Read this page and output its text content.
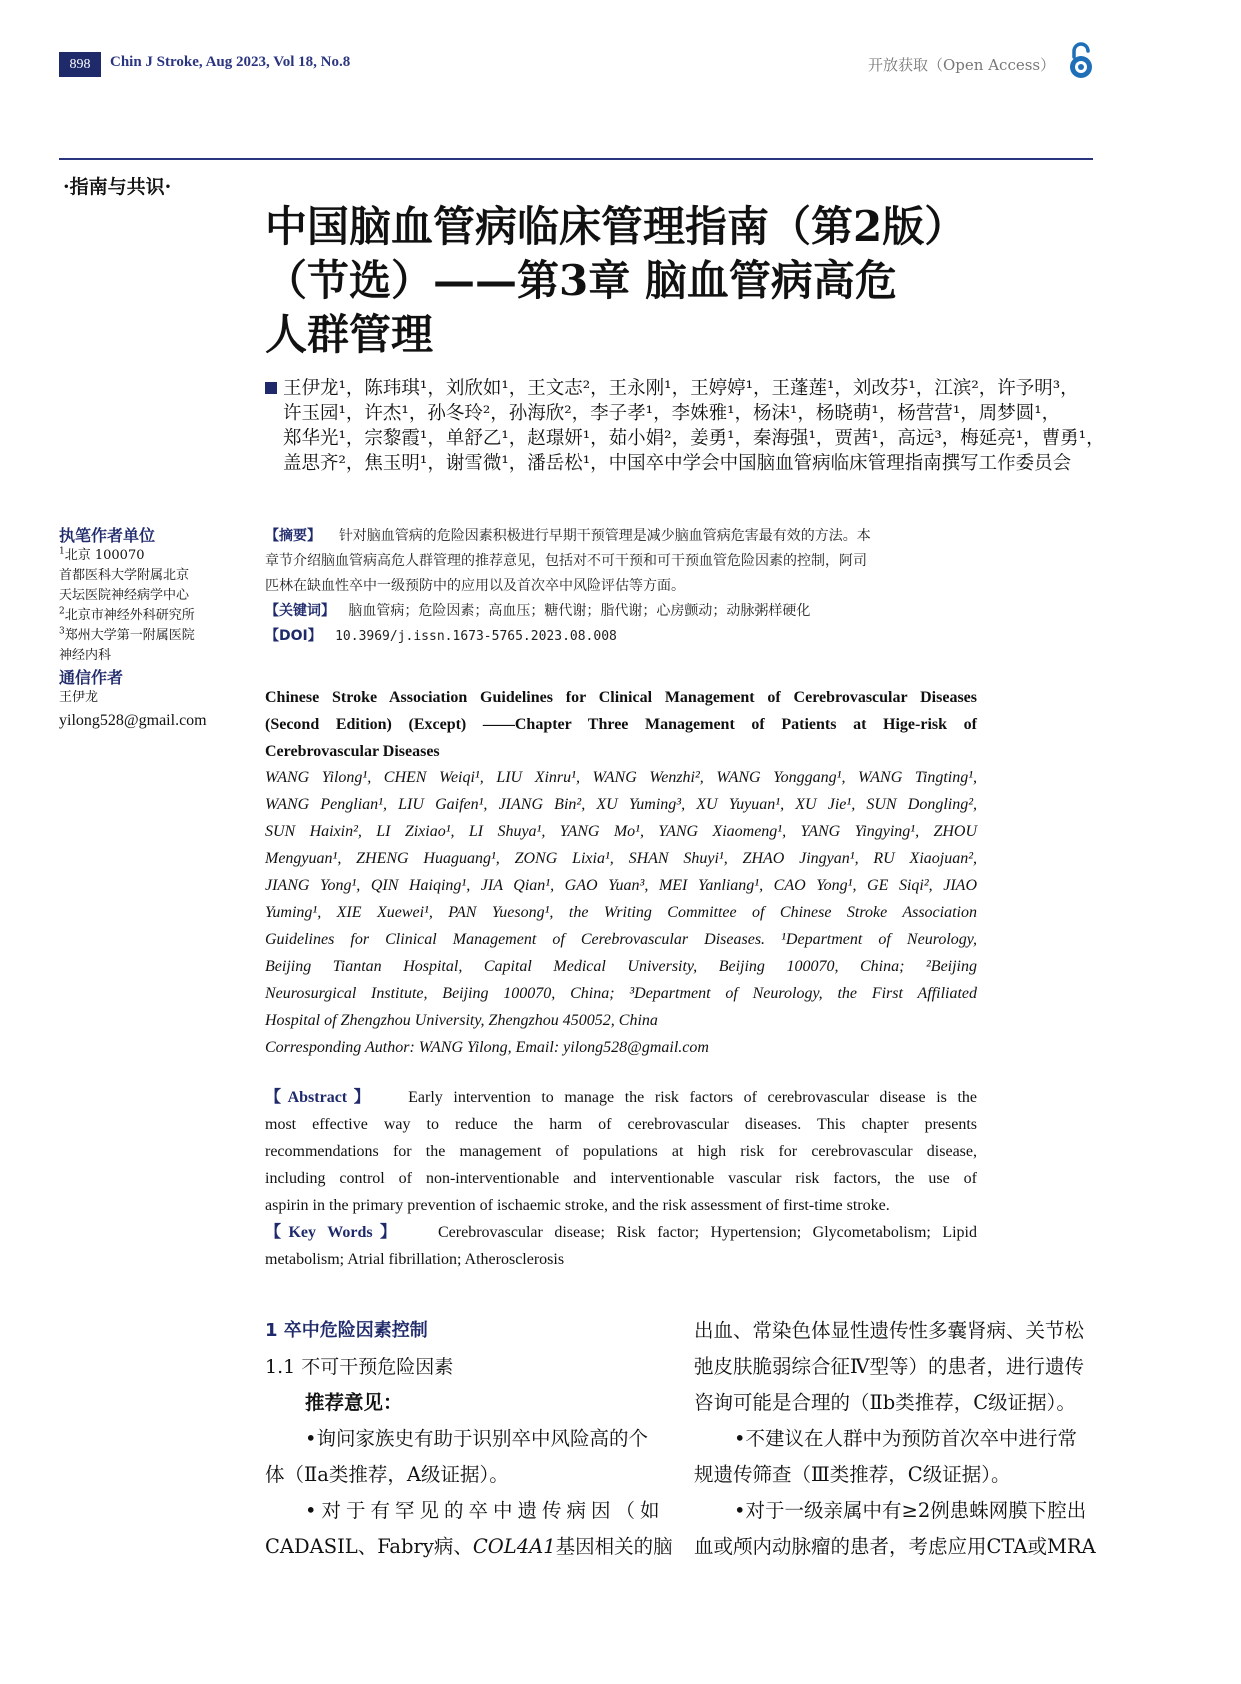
898	Chin J Stroke, Aug 2023, Vol 18, No.8	开放获取（Open Access）
·指南与共识·
中国脑血管病临床管理指南（第2版）
（节选）——第3章 脑血管病高危
人群管理
王伊龙¹，陈玮琪¹，刘欣如¹，王文志²，王永刚¹，王婷婷¹，王蓬莲¹，刘改芬¹，江滨²，许予明³，
许玉园¹，许杰¹，孙冬玲²，孙海欣²，李子孝¹，李姝雅¹，杨沫¹，杨晓萌¹，杨营营¹，周梦圆¹，
郑华光¹，宗黎霞¹，单舒乙¹，赵璟妍¹，茹小娟²，姜勇¹，秦海强¹，贾茜¹，高远³，梅延亮¹，曹勇¹，
盖思齐²，焦玉明¹，谢雪微¹，潘岳松¹，中国卒中学会中国脑血管病临床管理指南撰写工作委员会
执笔作者单位
$^1$北京 100070
首都医科大学附属北京
天坛医院神经病学中心
$^2$北京市神经外科研究所
$^3$郑州大学第一附属医院
神经内科
通信作者
王伊龙
yilong528@gmail.com
【摘要】 针对脑血管病的危险因素积极进行早期干预管理是减少脑血管病危害最有效的方法。本
章节介绍脑血管病高危人群管理的推荐意见，包括对不可干预和可干预血管危险因素的控制，阿司
匹林在缺血性卒中一级预防中的应用以及首次卒中风险评估等方面。
【关键词】 脑血管病；危险因素；高血压；糖代谢；脂代谢；心房颤动；动脉粥样硬化
【DOI】 10.3969/j.issn.1673-5765.2023.08.008
Chinese Stroke Association Guidelines for Clinical Management of Cerebrovascular Diseases
(Second Edition) (Except) ——Chapter Three Management of Patients at Hige-risk of
Cerebrovascular Diseases
WANG Yilong¹, CHEN Weiqi¹, LIU Xinru¹, WANG Wenzhi², WANG Yonggang¹, WANG Tingting¹,
WANG Penglian¹, LIU Gaifen¹, JIANG Bin², XU Yuming³, XU Yuyuan¹, XU Jie¹, SUN Dongling²,
SUN Haixin², LI Zixiao¹, LI Shuya¹, YANG Mo¹, YANG Xiaomeng¹, YANG Yingying¹, ZHOU
Mengyuan¹, ZHENG Huaguang¹, ZONG Lixia¹, SHAN Shuyi¹, ZHAO Jingyan¹, RU Xiaojuan²,
JIANG Yong¹, QIN Haiqing¹, JIA Qian¹, GAO Yuan³, MEI Yanliang¹, CAO Yong¹, GE Siqi², JIAO
Yuming¹, XIE Xuewei¹, PAN Yuesong¹, the Writing Committee of Chinese Stroke Association
Guidelines for Clinical Management of Cerebrovascular Diseases. ¹Department of Neurology,
Beijing Tiantan Hospital, Capital Medical University, Beijing 100070, China; ²Beijing
Neurosurgical Institute, Beijing 100070, China; ³Department of Neurology, the First Affiliated
Hospital of Zhengzhou University, Zhengzhou 450052, China
Corresponding Author: WANG Yilong, Email: yilong528@gmail.com
【Abstract】 Early intervention to manage the risk factors of cerebrovascular disease is the
most effective way to reduce the harm of cerebrovascular diseases. This chapter presents
recommendations for the management of populations at high risk for cerebrovascular disease,
including control of non-interventionable and interventionable vascular risk factors, the use of
aspirin in the primary prevention of ischaemic stroke, and the risk assessment of first-time stroke.
【Key Words】 Cerebrovascular disease; Risk factor; Hypertension; Glycometabolism; Lipid
metabolism; Atrial fibrillation; Atherosclerosis
1 卒中危险因素控制
1.1 不可干预危险因素
推荐意见：
•询问家族史有助于识别卒中风险高的个
体（Ⅱa类推荐，A级证据）。
•对于有罕见的卒中遗传病因（如
CADASIL、Fabry病、COL4A1基因相关的脑
出血、常染色体显性遗传性多囊肾病、关节松
弛皮肤脆弱综合征Ⅳ型等）的患者，进行遗传
咨询可能是合理的（Ⅱb类推荐，C级证据）。
•不建议在人群中为预防首次卒中进行常
规遗传筛查（Ⅲ类推荐，C级证据）。
•对于一级亲属中有≥2例患蛛网膜下腔出
血或颅内动脉瘤的患者，考虑应用CTA或MRA
